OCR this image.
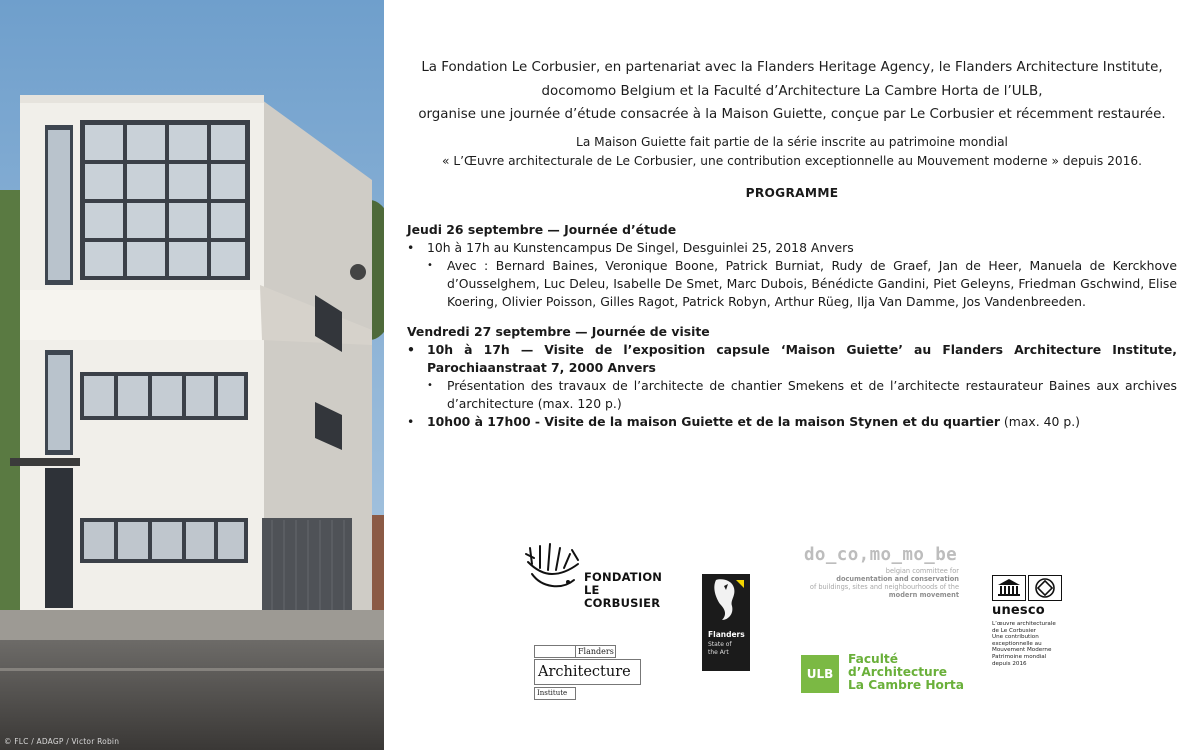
© FLC / ADAGP / Victor Robin
La Fondation Le Corbusier, en partenariat avec la Flanders Heritage Agency, le Flanders Architecture Institute,
docomomo Belgium et la Faculté d’Architecture La Cambre Horta de l’ULB,
organise une journée d’étude consacrée à la Maison Guiette, conçue par Le Corbusier et récemment restaurée.
La Maison Guiette fait partie de la série inscrite au patrimoine mondial
« L’Œuvre architecturale de Le Corbusier, une contribution exceptionnelle au Mouvement moderne » depuis 2016.
PROGRAMME
Jeudi 26 septembre — Journée d’étude
• 10h à 17h au Kunstencampus De Singel, Desguinlei 25, 2018 Anvers
• Avec : Bernard Baines, Veronique Boone, Patrick Burniat, Rudy de Graef, Jan de Heer, Manuela de Kerckhove d’Ousselghem, Luc Deleu, Isabelle De Smet, Marc Dubois, Bénédicte Gandini, Piet Geleyns, Friedman Gschwind, Elise Koering, Olivier Poisson, Gilles Ragot, Patrick Robyn, Arthur Rüeg, Ilja Van Damme, Jos Vandenbreeden.
Vendredi 27 septembre — Journée de visite
• 10h à 17h — Visite de l’exposition capsule ‘Maison Guiette’ au Flanders Architecture Institute, Parochiaanstraat 7, 2000 Anvers
• Présentation des travaux de l’architecte de chantier Smekens et de l’architecte restaurateur Baines aux archives d’architecture (max. 120 p.)
• 10h00 à 17h00 - Visite de la maison Guiette et de la maison Stynen et du quartier (max. 40 p.)
FONDATION
LE CORBUSIER
Flanders
Architecture
Institute
Flanders
State of
the Art
do_co,mo_mo_be
belgian committee for
documentation and conservation
of buildings, sites and neighbourhoods of the
modern movement
ULB
Faculté
d’Architecture
La Cambre Horta
unesco
L’œuvre architecturale
de Le Corbusier
Une contribution
exceptionnelle au
Mouvement Moderne
Patrimoine mondial
depuis 2016
